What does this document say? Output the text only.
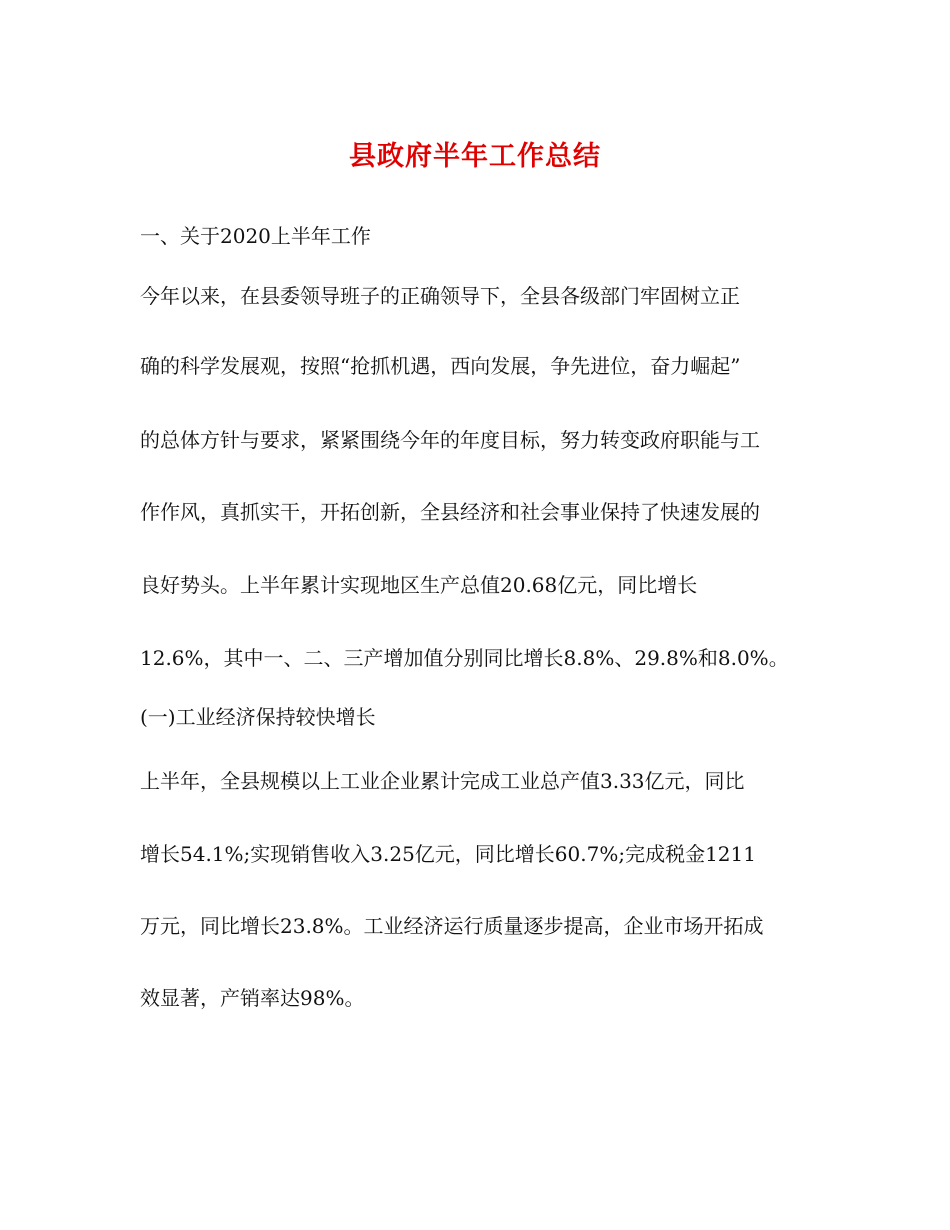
县政府半年工作总结
一、关于2020上半年工作
今年以来，在县委领导班子的正确领导下，全县各级部门牢固树立正
确的科学发展观，按照“抢抓机遇，西向发展，争先进位，奋力崛起”
的总体方针与要求，紧紧围绕今年的年度目标，努力转变政府职能与工
作作风，真抓实干，开拓创新，全县经济和社会事业保持了快速发展的
良好势头。上半年累计实现地区生产总值20.68亿元，同比增长
12.6%，其中一、二、三产增加值分别同比增长8.8%、29.8%和8.0%。
(一)工业经济保持较快增长
上半年，全县规模以上工业企业累计完成工业总产值3.33亿元，同比
增长54.1%;实现销售收入3.25亿元，同比增长60.7%;完成税金1211
万元，同比增长23.8%。工业经济运行质量逐步提高，企业市场开拓成
效显著，产销率达98%。
